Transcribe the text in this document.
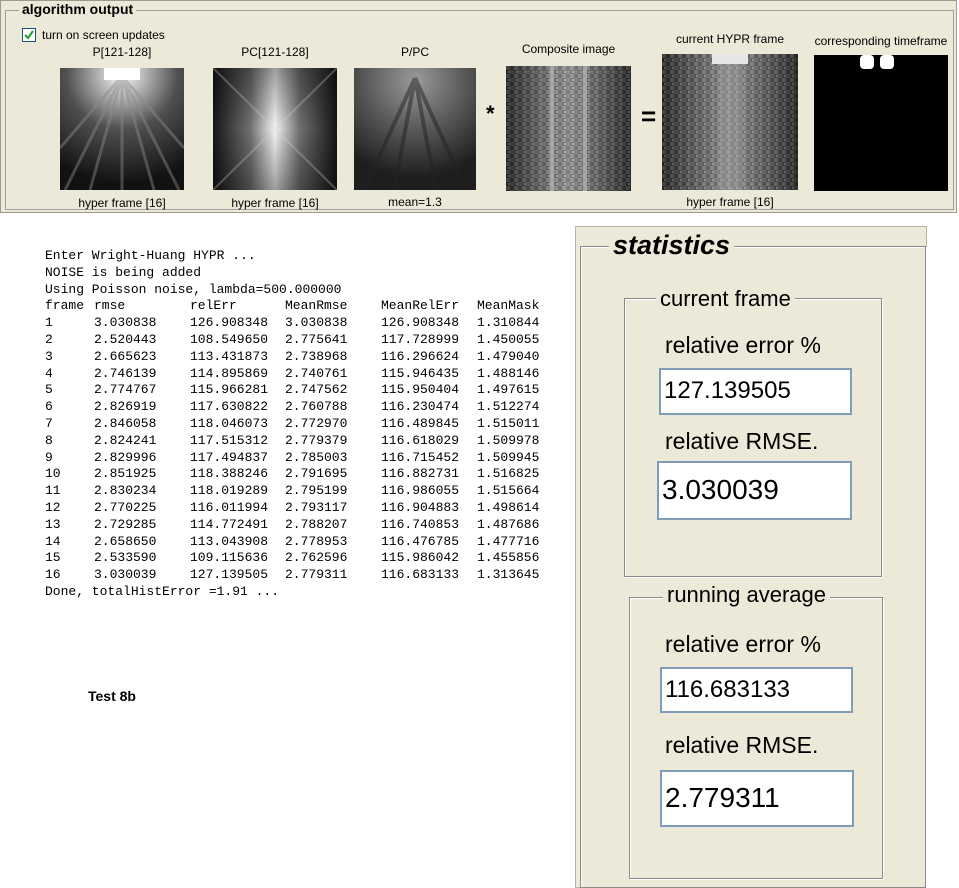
algorithm output
turn on screen updates
P[121-128]
hyper frame [16]
PC[121-128]
hyper frame [16]
P/PC
mean=1.3
*
Composite image
=
current HYPR frame
hyper frame [16]
corresponding timeframe
Enter Wright-Huang HYPR ...
NOISE is being added
Using Poisson noise, lambda=500.000000
frame	rmse	relErr	MeanRmse	MeanRelErr	MeanMask
1	3.030838	126.908348	3.030838	126.908348	1.310844
2	2.520443	108.549650	2.775641	117.728999	1.450055
3	2.665623	113.431873	2.738968	116.296624	1.479040
4	2.746139	114.895869	2.740761	115.946435	1.488146
5	2.774767	115.966281	2.747562	115.950404	1.497615
6	2.826919	117.630822	2.760788	116.230474	1.512274
7	2.846058	118.046073	2.772970	116.489845	1.515011
8	2.824241	117.515312	2.779379	116.618029	1.509978
9	2.829996	117.494837	2.785003	116.715452	1.509945
10	2.851925	118.388246	2.791695	116.882731	1.516825
11	2.830234	118.019289	2.795199	116.986055	1.515664
12	2.770225	116.011994	2.793117	116.904883	1.498614
13	2.729285	114.772491	2.788207	116.740853	1.487686
14	2.658650	113.043908	2.778953	116.476785	1.477716
15	2.533590	109.115636	2.762596	115.986042	1.455856
16	3.030039	127.139505	2.779311	116.683133	1.313645
Done, totalHistError =1.91 ...
Test 8b
statistics
current frame
relative error %
127.139505
relative RMSE.
3.030039
running average
relative error %
116.683133
relative RMSE.
2.779311
